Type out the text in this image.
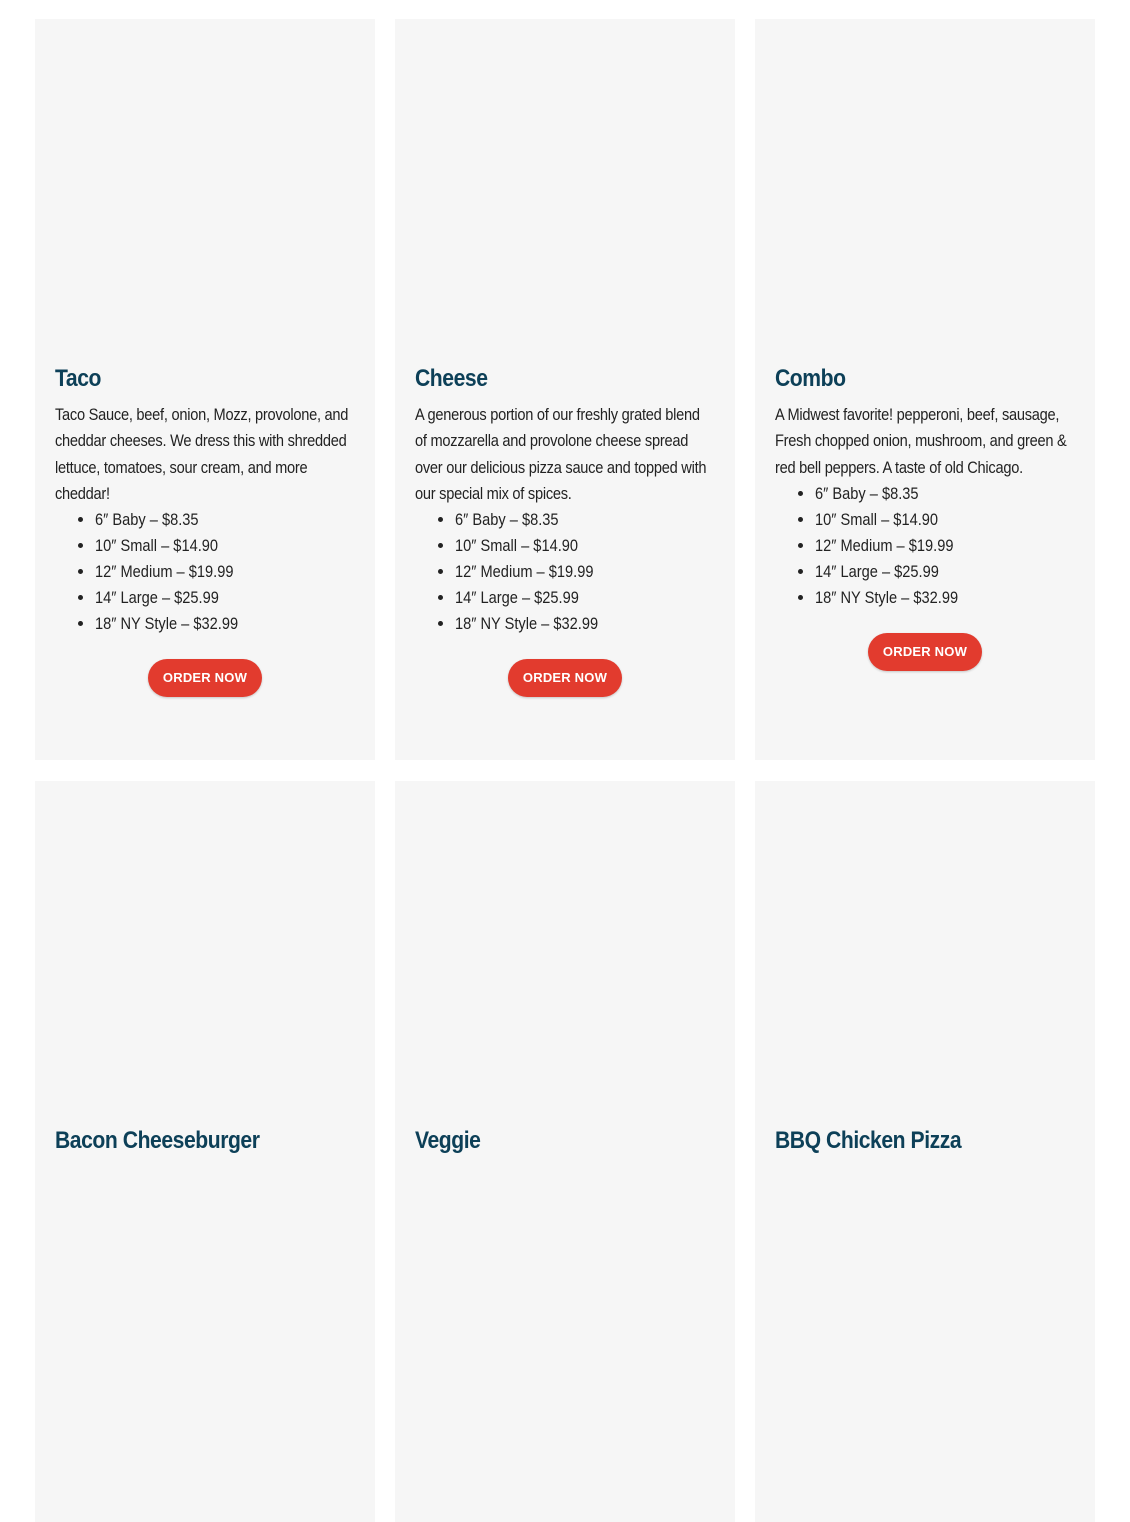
Taco

Taco Sauce, beef, onion, Mozz, provolone, and cheddar cheeses. We dress this with shredded lettuce, tomatoes, sour cream, and more cheddar!

• 6″ Baby – $8.35
• 10″ Small – $14.90
• 12″ Medium – $19.99
• 14″ Large – $25.99
• 18″ NY Style – $32.99
ORDER NOW
Cheese

A generous portion of our freshly grated blend of mozzarella and provolone cheese spread over our delicious pizza sauce and topped with our special mix of spices.

• 6″ Baby – $8.35
• 10″ Small – $14.90
• 12″ Medium – $19.99
• 14″ Large – $25.99
• 18″ NY Style – $32.99
ORDER NOW
Combo

A Midwest favorite! pepperoni, beef, sausage, Fresh chopped onion, mushroom, and green & red bell peppers. A taste of old Chicago.

• 6″ Baby – $8.35
• 10″ Small – $14.90
• 12″ Medium – $19.99
• 14″ Large – $25.99
• 18″ NY Style – $32.99
ORDER NOW
Bacon Cheeseburger	Veggie	BBQ Chicken Pizza
